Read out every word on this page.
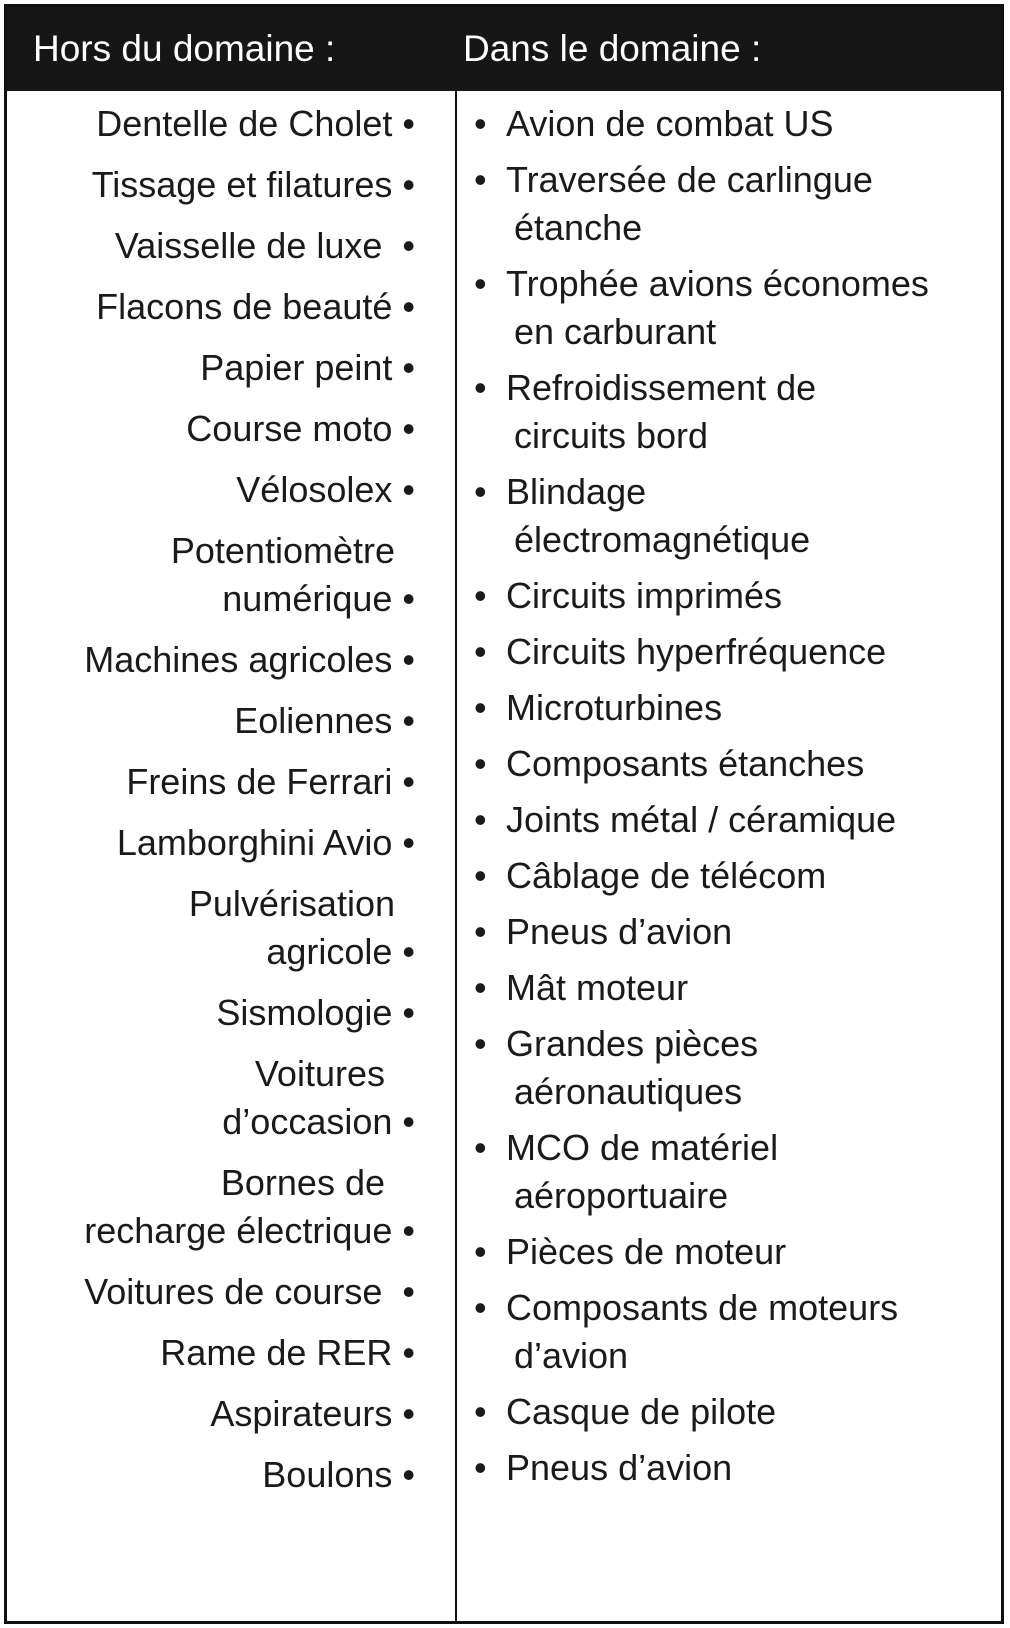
Hors du domaine :	Dans le domaine :
Dentelle de Cholet •
Tissage et filatures •
Vaisselle de luxe  •
Flacons de beauté •
Papier peint •
Course moto •
Vélosolex •
Potentiomètre
numérique •
Machines agricoles •
Eoliennes •
Freins de Ferrari •
Lamborghini Avio •
Pulvérisation
agricole •
Sismologie •
Voitures
d’occasion •
Bornes de
recharge électrique •
Voitures de course  •
Rame de RER •
Aspirateurs •
Boulons •
• Avion de combat US
• Traversée de carlingue
étanche
• Trophée avions économes
en carburant
• Refroidissement de
circuits bord
• Blindage
électromagnétique
• Circuits imprimés
• Circuits hyperfréquence
• Microturbines
• Composants étanches
• Joints métal / céramique
• Câblage de télécom
• Pneus d’avion
• Mât moteur
• Grandes pièces
aéronautiques
• MCO de matériel
aéroportuaire
• Pièces de moteur
• Composants de moteurs
d’avion
• Casque de pilote
• Pneus d’avion
